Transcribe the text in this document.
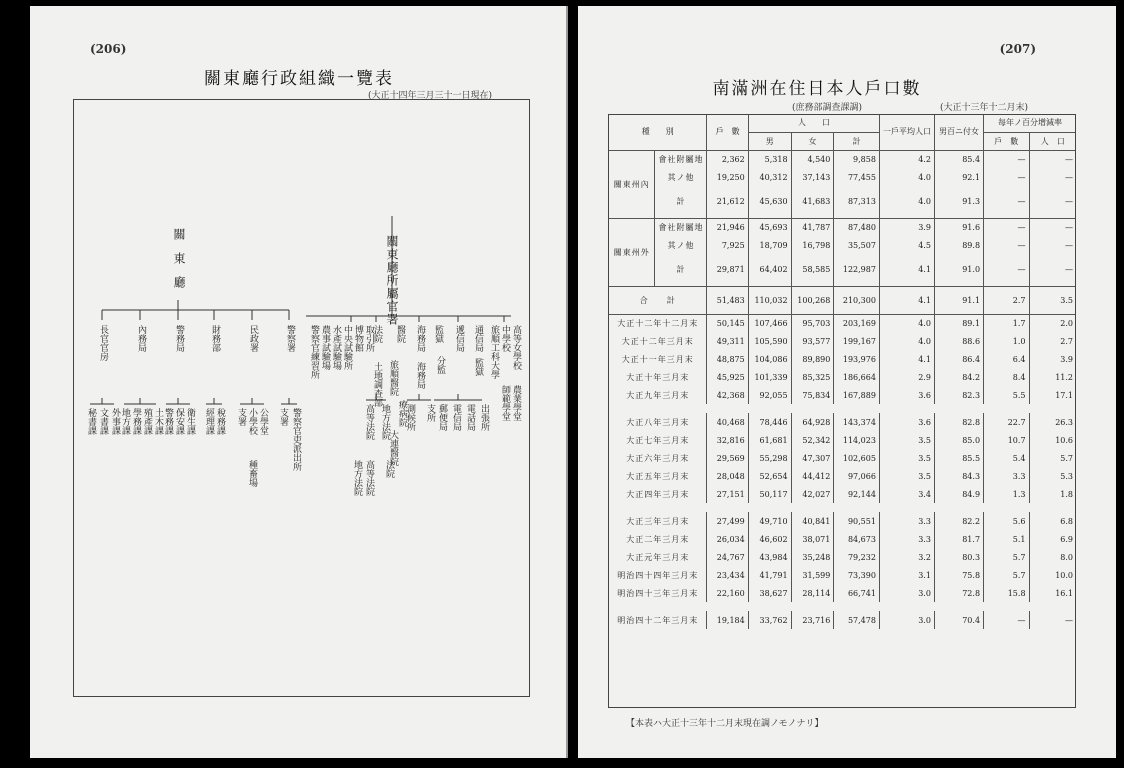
(206)
關東廳行政組織一覽表
(大正十四年三月三十一日現在)
關東廳	關東廳所屬官署
長官官房	內務局	警務局	財務部	民政署	警察署
秘書課 文書課 外事課 地方課 學務課 殖產課 土木課 警務課 保安課 衛生課 經理課 稅務課 支署 小學校 公學堂
種畜場
支署 警察官吏派出所
警察官練習所 農事試驗場 水產試驗場 中央試驗所 博物館 取引所
法院
高等法院 地方法院
土地調查部
海務局
測候所 支所
遞信局
郵便局 電信局 電話局 出張所
旅順工科大學 中學校 高等女學校
師範學堂 農業學堂
醫院
旅順醫院
療病院
大連醫院
監獄
分監
通信局
法院
監獄
海務局
高等法院
地方法院
(207)
南滿洲在住日本人戶口數
(庶務部調查課調)	(大正十三年十二月末)
種　　別		戶　數	人　　口			一戶平均人口	男百ニ付女	每年ノ百分增減率	
			男	女	計			戶　數	人　口
關東州內	會社附屬地	2,362	5,318	4,540	9,858	4.2	85.4	—	—
	其ノ他	19,250	40,312	37,143	77,455	4.0	92.1	—	—
	計	21,612	45,630	41,683	87,313	4.0	91.3	—	—
關東州外	會社附屬地	21,946	45,693	41,787	87,480	3.9	91.6	—	—
	其ノ他	7,925	18,709	16,798	35,507	4.5	89.8	—	—
	計	29,871	64,402	58,585	122,987	4.1	91.0	—	—
合　　計		51,483	110,032	100,268	210,300	4.1	91.1	2.7	3.5
大正十二年十二月末		50,145	107,466	95,703	203,169	4.0	89.1	1.7	2.0
大正十二年三月末		49,311	105,590	93,577	199,167	4.0	88.6	1.0	2.7
大正十一年三月末		48,875	104,086	89,890	193,976	4.1	86.4	6.4	3.9
大正十年三月末		45,925	101,339	85,325	186,664	2.9	84.2	8.4	11.2
大正九年三月末		42,368	92,055	75,834	167,889	3.6	82.3	5.5	17.1

大正八年三月末		40,468	78,446	64,928	143,374	3.6	82.8	22.7	26.3
大正七年三月末		32,816	61,681	52,342	114,023	3.5	85.0	10.7	10.6
大正六年三月末		29,569	55,298	47,307	102,605	3.5	85.5	5.4	5.7
大正五年三月末		28,048	52,654	44,412	97,066	3.5	84.3	3.3	5.3
大正四年三月末		27,151	50,117	42,027	92,144	3.4	84.9	1.3	1.8

大正三年三月末		27,499	49,710	40,841	90,551	3.3	82.2	5.6	6.8
大正二年三月末		26,034	46,602	38,071	84,673	3.3	81.7	5.1	6.9
大正元年三月末		24,767	43,984	35,248	79,232	3.2	80.3	5.7	8.0
明治四十四年三月末		23,434	41,791	31,599	73,390	3.1	75.8	5.7	10.0
明治四十三年三月末		22,160	38,627	28,114	66,741	3.0	72.8	15.8	16.1

明治四十二年三月末		19,184	33,762	23,716	57,478	3.0	70.4	—	—
【本表ハ大正十三年十二月末現在調ノモノナリ】
